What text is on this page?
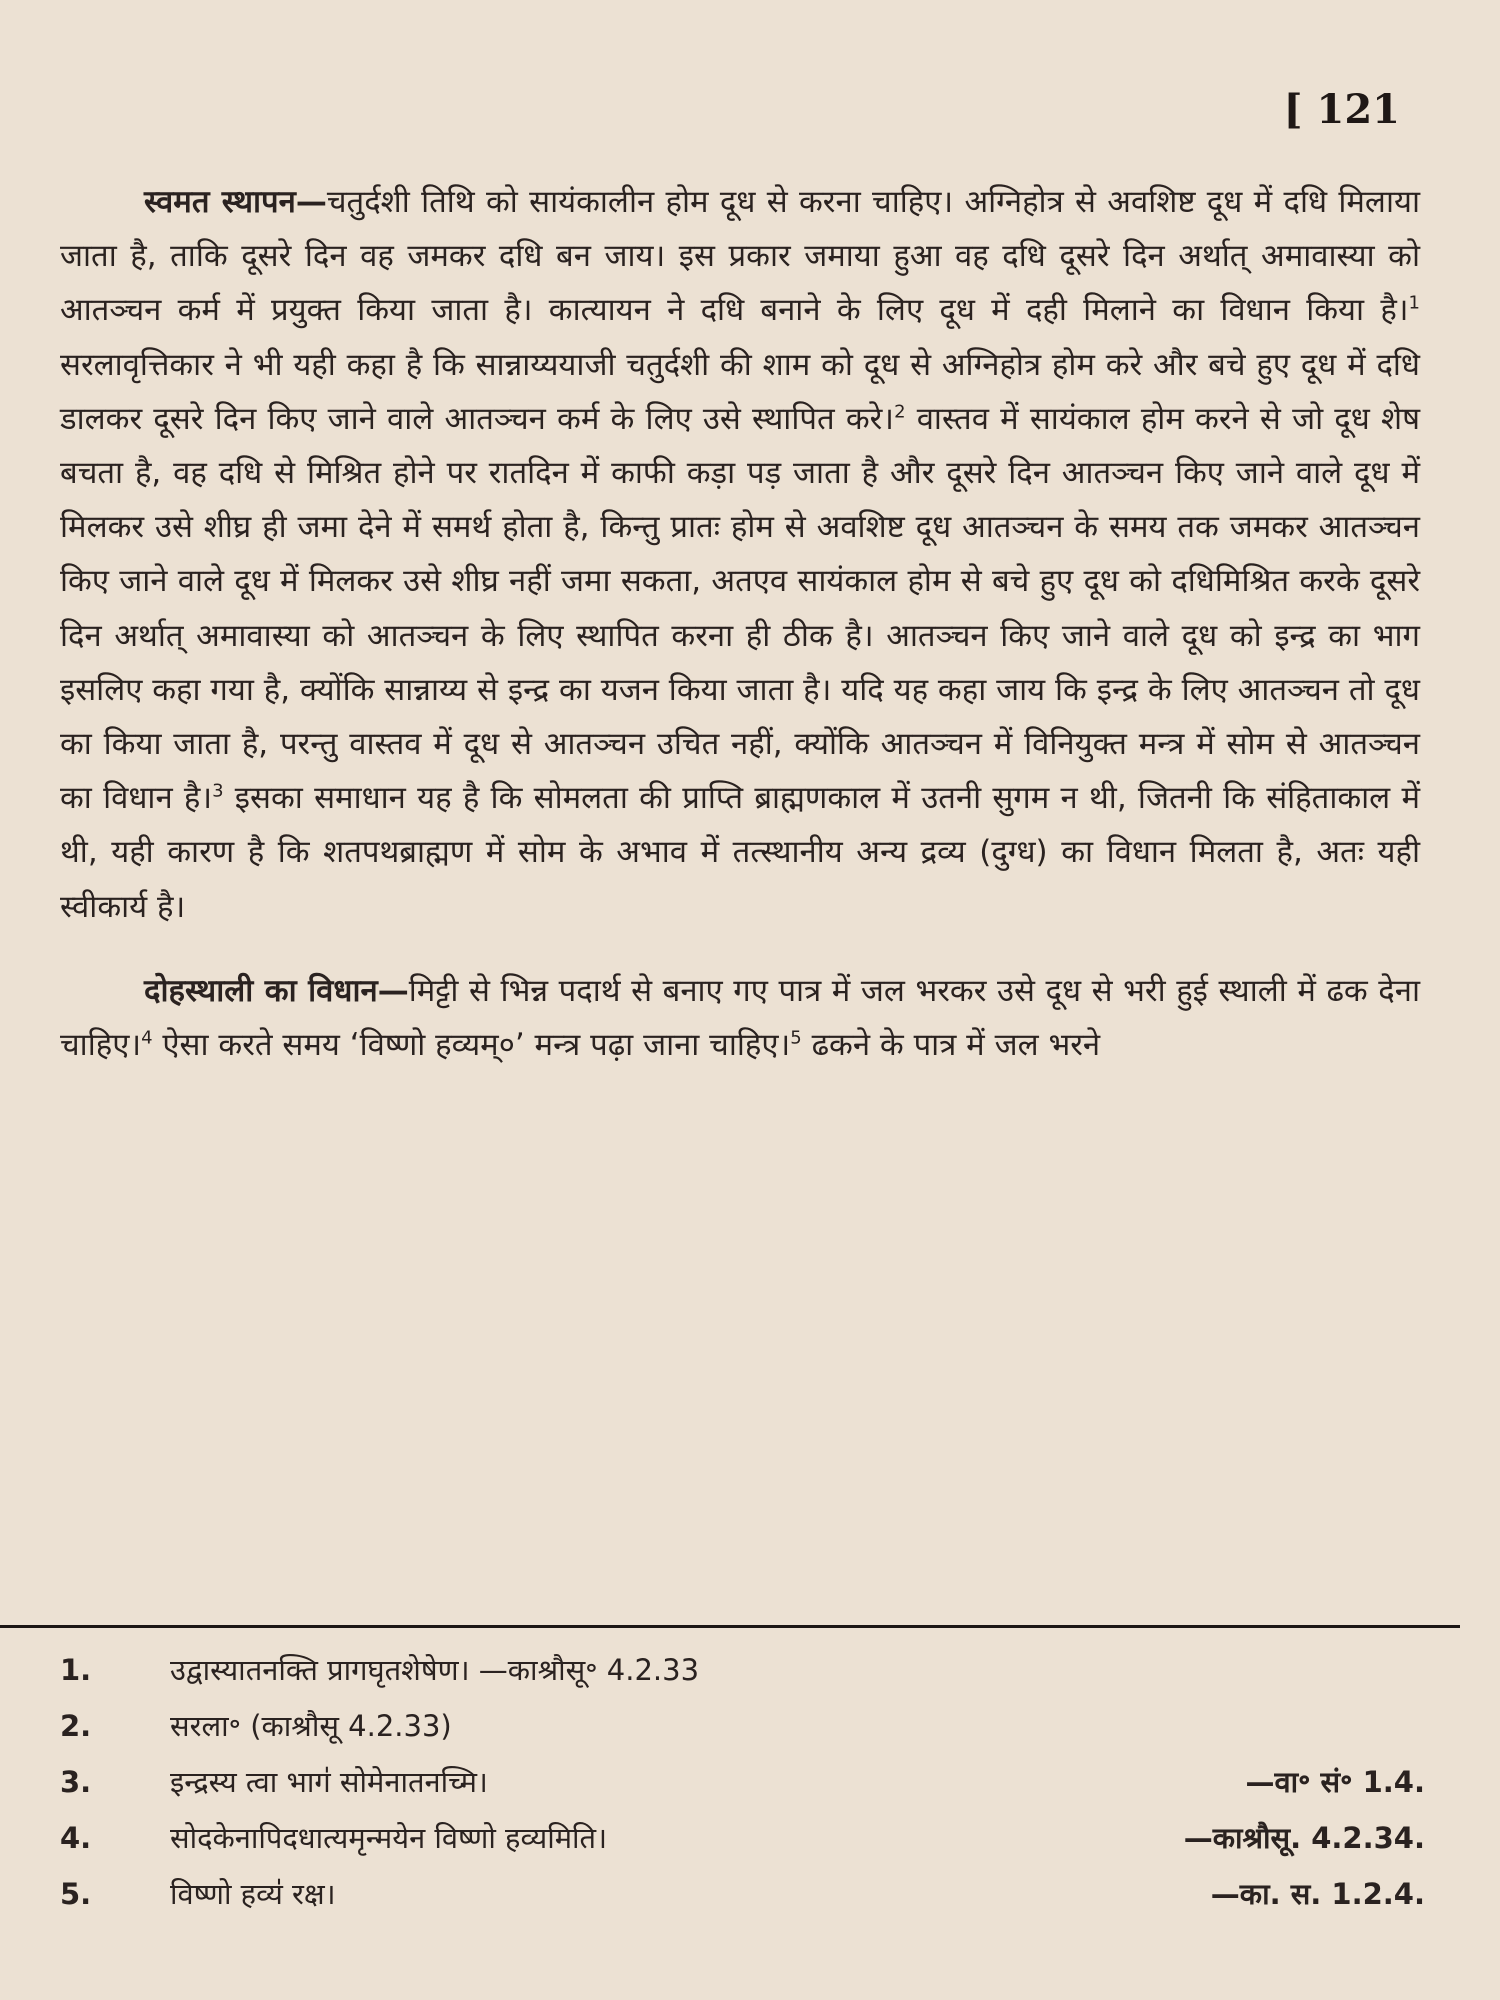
[ 121

स्वमत स्थापन—चतुर्दशी तिथि को सायंकालीन होम दूध से करना चाहिए। अग्निहोत्र से अवशिष्ट दूध में दधि मिलाया जाता है, ताकि दूसरे दिन वह जमकर दधि बन जाय। इस प्रकार जमाया हुआ वह दधि दूसरे दिन अर्थात् अमावास्या को आतञ्चन कर्म में प्रयुक्त किया जाता है। कात्यायन ने दधि बनाने के लिए दूध में दही मिलाने का विधान किया है।$^1$ सरलावृत्तिकार ने भी यही कहा है कि सान्नाय्ययाजी चतुर्दशी की शाम को दूध से अग्निहोत्र होम करे और बचे हुए दूध में दधि डालकर दूसरे दिन किए जाने वाले आतञ्चन कर्म के लिए उसे स्थापित करे।$^2$ वास्तव में सायंकाल होम करने से जो दूध शेष बचता है, वह दधि से मिश्रित होने पर रातदिन में काफी कड़ा पड़ जाता है और दूसरे दिन आतञ्चन किए जाने वाले दूध में मिलकर उसे शीघ्र ही जमा देने में समर्थ होता है, किन्तु प्रातः होम से अवशिष्ट दूध आतञ्चन के समय तक जमकर आतञ्चन किए जाने वाले दूध में मिलकर उसे शीघ्र नहीं जमा सकता, अतएव सायंकाल होम से बचे हुए दूध को दधिमिश्रित करके दूसरे दिन अर्थात् अमावास्या को आतञ्चन के लिए स्थापित करना ही ठीक है। आतञ्चन किए जाने वाले दूध को इन्द्र का भाग इसलिए कहा गया है, क्योंकि सान्नाय्य से इन्द्र का यजन किया जाता है। यदि यह कहा जाय कि इन्द्र के लिए आतञ्चन तो दूध का किया जाता है, परन्तु वास्तव में दूध से आतञ्चन उचित नहीं, क्योंकि आतञ्चन में विनियुक्त मन्त्र में सोम से आतञ्चन का विधान है।$^3$ इसका समाधान यह है कि सोमलता की प्राप्ति ब्राह्मणकाल में उतनी सुगम न थी, जितनी कि संहिताकाल में थी, यही कारण है कि शतपथब्राह्मण में सोम के अभाव में तत्स्थानीय अन्य द्रव्य (दुग्ध) का विधान मिलता है, अतः यही स्वीकार्य है।

दोहस्थाली का विधान—मिट्टी से भिन्न पदार्थ से बनाए गए पात्र में जल भरकर उसे दूध से भरी हुई स्थाली में ढक देना चाहिए।$^4$ ऐसा करते समय ‘विष्णो हव्यम्०’ मन्त्र पढ़ा जाना चाहिए।$^5$ ढकने के पात्र में जल भरने

1.	उद्वास्यातनक्ति प्रागघृतशेषेण। —काश्रौसू॰ 4.2.33
2.	सरला॰ (काश्रौसू 4.2.33)
3.	इन्द्रस्य त्वा भाग॑ सोमेनातनच्मि।	—वा॰ सं॰ 1.4.
4.	सोदकेनापिदधात्यमृन्मयेन विष्णो हव्यमिति।	—काश्रौसू. 4.2.34.
5.	विष्णो हव्य॑ रक्ष।	—का. स. 1.2.4.
